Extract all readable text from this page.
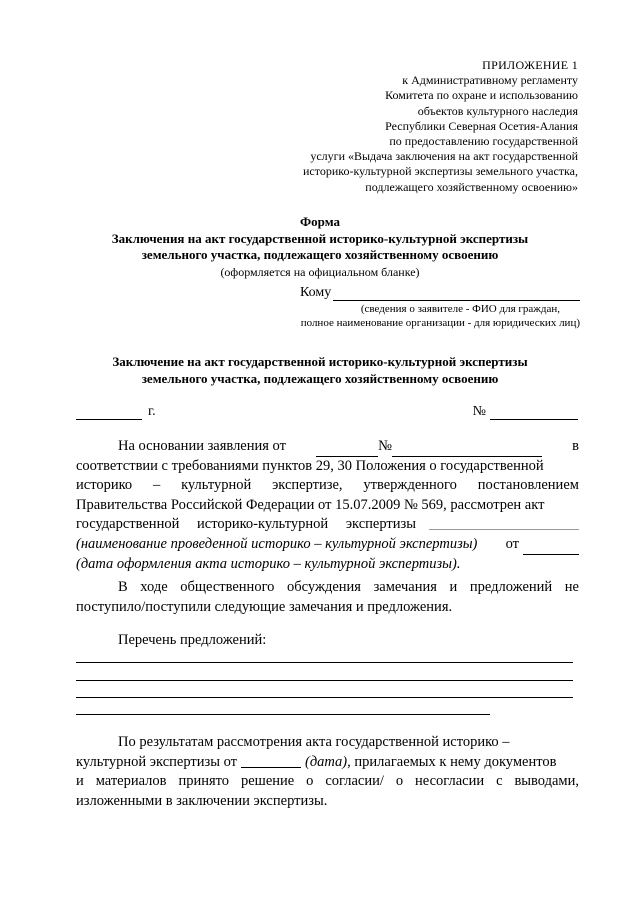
ПРИЛОЖЕНИЕ 1
к Административному регламенту
Комитета по охране и использованию
объектов культурного наследия
Республики Северная Осетия-Алания
по предоставлению государственной
услуги «Выдача заключения на акт государственной
историко-культурной экспертизы земельного участка,
подлежащего хозяйственному освоению»
Форма
Заключения на акт государственной историко-культурной экспертизы
земельного участка, подлежащего хозяйственному освоению
(оформляется на официальном бланке)
Кому
(сведения о заявителе - ФИО для граждан,
полное наименование организации - для юридических лиц)
Заключение на акт государственной историко-культурной экспертизы
земельного участка, подлежащего хозяйственному освоению
г.	№
На основании заявления от	№	в
соответствии с требованиями пунктов 29, 30 Положения о государственной
историко – культурной экспертизе, утвержденного постановлением
Правительства Российской Федерации от 15.07.2009 № 569, рассмотрен акт
государственной историко-культурной экспертизы
(наименование проведенной историко – культурной экспертизы) от
(дата оформления акта историко – культурной экспертизы).
В ходе общественного обсуждения замечания и предложений не поступило/поступили следующие замечания и предложения.
Перечень предложений:
По результатам рассмотрения акта государственной историко –
культурной экспертизы от	(дата) , прилагаемых к нему документов
и материалов принято решение о согласии/ о несогласии с выводами, изложенными в заключении экспертизы.
